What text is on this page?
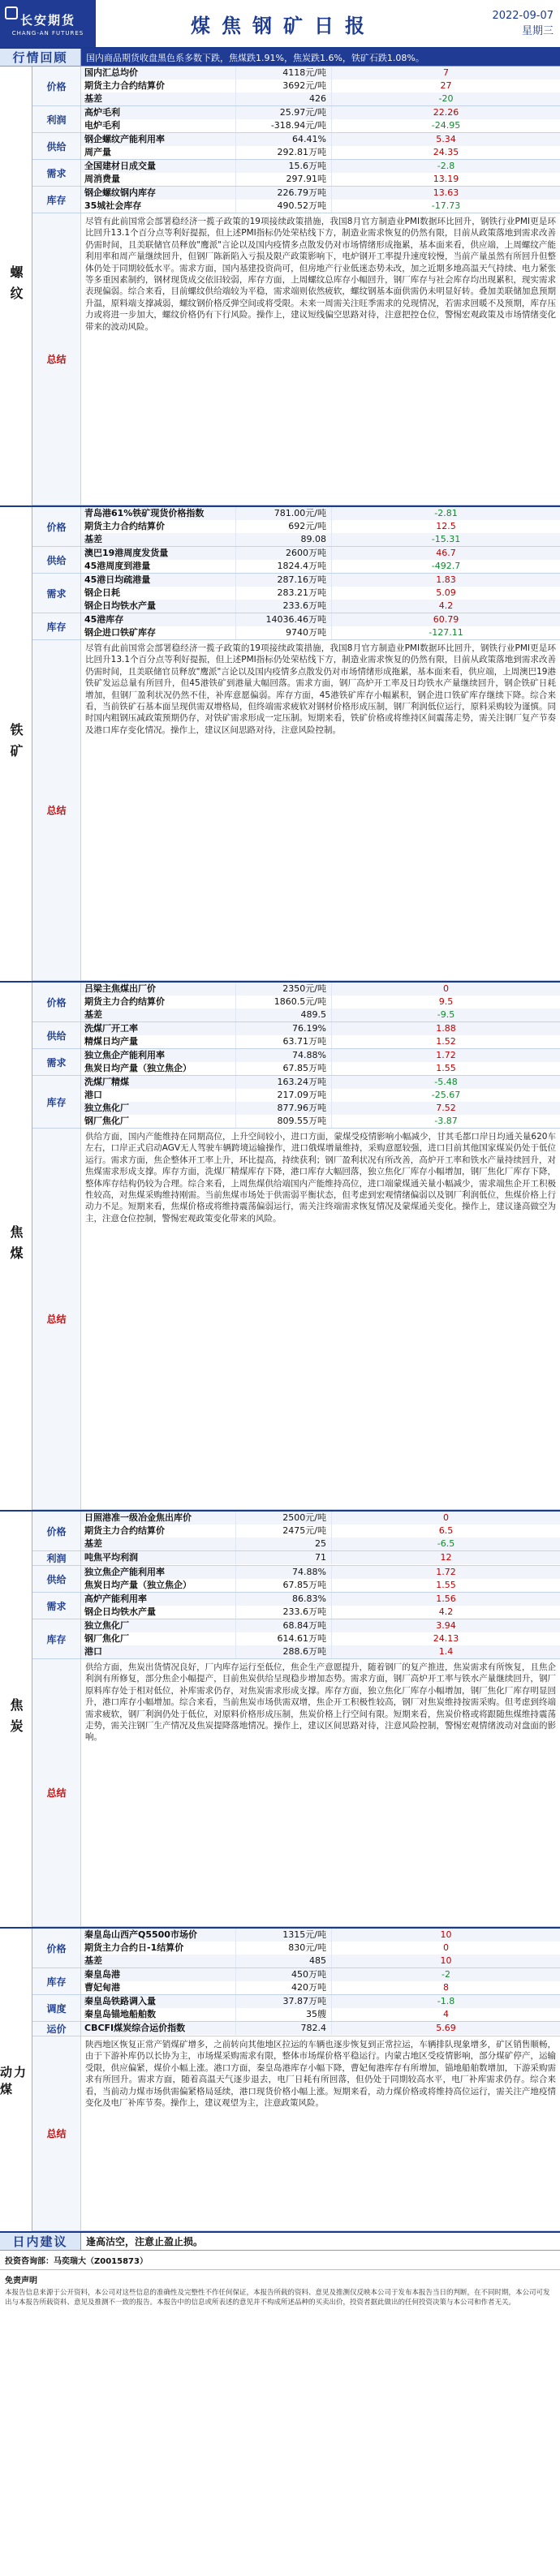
长安期货
CHANG-AN FUTURES	煤焦钢矿日报	2022-09-07
星期三
行情回顾	国内商品期货收盘黑色系多数下跌，焦煤跌1.91%，焦炭跌1.6%，铁矿石跌1.08%。
螺纹
价格
国内汇总均价	4118元/吨	7
期货主力合约结算价	3692元/吨	27
基差	426	-20
利润
高炉毛利	25.97元/吨	22.26
电炉毛利	-318.94元/吨	-24.95
供给
钢企螺纹产能利用率	64.41%	5.34
周产量	292.81万吨	24.35
需求
全国建材日成交量	15.6万吨	-2.8
周消费量	297.91吨	13.19
库存
钢企螺纹钢内库存	226.79万吨	13.63
35城社会库存	490.52万吨	-17.73
总结
尽管有此前国常会部署稳经济一揽子政策的19项接续政策措施，我国8月官方制造业PMI数据环比回升，钢铁行业PMI更是环比回升13.1个百分点等利好提振，但上述PMI指标仍处荣枯线下方，制造业需求恢复的仍然有限，目前从政策落地到需求改善仍需时间，且美联储官员释放"鹰派"言论以及国内疫情多点散发仍对市场情绪形成拖累，基本面来看，供应端，上周螺纹产能利用率和周产量继续回升，但钢厂陈新陷入亏损及限产政策影响下，电炉钢开工率提升速度较慢，当前产量虽然有所回升但整体仍处于同期较低水平。需求方面，国内基建投资尚可，但房地产行业低迷态势未改，加之近期多地高温天气持续、电力紧张等多重因素制约，钢材现货成交依旧较弱，库存方面，上周螺纹总库存小幅回升，钢厂库存与社会库存均出现累积，现实需求表现偏弱。综合来看，目前螺纹供给端较为平稳，需求端则依然疲软，螺纹钢基本面供需仍未明显好转。叠加美联储加息预期升温，原料端支撑减弱，螺纹钢价格反弹空间或将受限。未来一周需关注旺季需求的兑现情况，若需求回暖不及预期，库存压力或将进一步加大，螺纹价格仍有下行风险。操作上，建议短线偏空思路对待，注意把控仓位，警惕宏观政策及市场情绪变化带来的波动风险。
铁矿
价格
青岛港61%铁矿现货价格指数	781.00元/吨	-2.81
期货主力合约结算价	692元/吨	12.5
基差	89.08	-15.31
供给
澳巴19港周度发货量	2600万吨	46.7
45港周度到港量	1824.4万吨	-492.7
需求
45港日均疏港量	287.16万吨	1.83
钢企日耗	283.21万吨	5.09
钢企日均铁水产量	233.6万吨	4.2
库存
45港库存	14036.46万吨	60.79
钢企进口铁矿库存	9740万吨	-127.11
总结
尽管有此前国常会部署稳经济一揽子政策的19项接续政策措施，我国8月官方制造业PMI数据环比回升，钢铁行业PMI更是环比回升13.1个百分点等利好提振，但上述PMI指标仍处荣枯线下方，制造业需求恢复的仍然有限，目前从政策落地到需求改善仍需时间，且美联储官员释放"鹰派"言论以及国内疫情多点散发仍对市场情绪形成拖累，基本面来看，供应端，上周澳巴19港铁矿发运总量有所回升，但45港铁矿到港量大幅回落。需求方面，钢厂高炉开工率及日均铁水产量继续回升，钢企铁矿日耗增加，但钢厂盈利状况仍然不佳，补库意愿偏弱。库存方面，45港铁矿库存小幅累积，钢企进口铁矿库存继续下降。综合来看，当前铁矿石基本面呈现供需双增格局，但终端需求疲软对钢材价格形成压制，钢厂利润低位运行，原料采购较为谨慎。同时国内粗钢压减政策预期仍存，对铁矿需求形成一定压制。短期来看，铁矿价格或将维持区间震荡走势，需关注钢厂复产节奏及港口库存变化情况。操作上，建议区间思路对待，注意风险控制。
焦煤
价格
吕梁主焦煤出厂价	2350元/吨	0
期货主力合约结算价	1860.5元/吨	9.5
基差	489.5	-9.5
供给
洗煤厂开工率	76.19%	1.88
精煤日均产量	63.71万吨	1.52
需求
独立焦企产能利用率	74.88%	1.72
焦炭日均产量（独立焦企）	67.85万吨	1.55
库存
洗煤厂精煤	163.24万吨	-5.48
港口	217.09万吨	-25.67
独立焦化厂	877.96万吨	7.52
钢厂焦化厂	809.55万吨	-3.87
总结
供给方面，国内产能维持在同期高位，上升空间较小，进口方面，蒙煤受疫情影响小幅减少，甘其毛都口岸日均通关量620车左右，口岸正式启动AGV无人驾驶车辆跨境运输操作，进口俄煤增量维持，采购意愿较强，进口目前其他国家煤炭仍处于低位运行。需求方面，焦企整体开工率上升，环比提高，持续获利；钢厂盈利状况有所改善，高炉开工率和铁水产量持续回升，对焦煤需求形成支撑。库存方面，洗煤厂精煤库存下降，港口库存大幅回落，独立焦化厂库存小幅增加，钢厂焦化厂库存下降，整体库存结构仍较为合理。综合来看，上周焦煤供给端国内产能维持高位，进口端蒙煤通关量小幅减少，需求端焦企开工积极性较高，对焦煤采购维持刚需。当前焦煤市场处于供需弱平衡状态，但考虑到宏观情绪偏弱以及钢厂利润低位，焦煤价格上行动力不足。短期来看，焦煤价格或将维持震荡偏弱运行，需关注终端需求恢复情况及蒙煤通关变化。操作上，建议逢高做空为主，注意仓位控制，警惕宏观政策变化带来的风险。
焦炭
价格
日照港准一级冶金焦出库价	2500元/吨	0
期货主力合约结算价	2475元/吨	6.5
基差	25	-6.5
利润	吨焦平均利润	71	12
供给
独立焦企产能利用率	74.88%	1.72
焦炭日均产量（独立焦企）	67.85万吨	1.55
需求
高炉产能利用率	86.83%	1.56
钢企日均铁水产量	233.6万吨	4.2
库存
独立焦化厂	68.84万吨	3.94
钢厂焦化厂	614.61万吨	24.13
港口	288.6万吨	1.4
总结
供给方面，焦炭出货情况良好，厂内库存运行至低位，焦企生产意愿提升，随着钢厂的复产推进，焦炭需求有所恢复，且焦企利润有所修复，部分焦企小幅提产，目前焦炭供给呈现稳步增加态势。需求方面，钢厂高炉开工率与铁水产量继续回升，钢厂原料库存处于相对低位，补库需求仍存，对焦炭需求形成支撑。库存方面，独立焦化厂库存小幅增加，钢厂焦化厂库存明显回升，港口库存小幅增加。综合来看，当前焦炭市场供需双增，焦企开工积极性较高，钢厂对焦炭维持按需采购。但考虑到终端需求疲软，钢厂利润仍处于低位，对原料价格形成压制，焦炭价格上行空间有限。短期来看，焦炭价格或将跟随焦煤维持震荡走势，需关注钢厂生产情况及焦炭提降落地情况。操作上，建议区间思路对待，注意风险控制，警惕宏观情绪波动对盘面的影响。
动力煤
价格
秦皇岛山西产Q5500市场价	1315元/吨	10
期货主力合约日-1结算价	830元/吨	0
基差	485	10
库存
秦皇岛港	450万吨	-2
曹妃甸港	420万吨	8
调度
秦皇岛铁路调入量	37.87万吨	-1.8
秦皇岛锚地船舶数	35艘	4
运价	CBCFI煤炭综合运价指数	782.4	5.69
总结
陕西地区恢复正常产销煤矿增多，之前转向其他地区拉运的车辆也逐步恢复到正常拉运，车辆排队现象增多，矿区销售顺畅，由于下游补库仍以长协为主，市场煤采购需求有限，整体市场煤价格平稳运行。内蒙古地区受疫情影响，部分煤矿停产，运输受限，供应偏紧，煤价小幅上涨。港口方面，秦皇岛港库存小幅下降，曹妃甸港库存有所增加，锚地船舶数增加，下游采购需求有所回升。需求方面，随着高温天气逐步退去，电厂日耗有所回落，但仍处于同期较高水平，电厂补库需求仍存。综合来看，当前动力煤市场供需偏紧格局延续，港口现货价格小幅上涨。短期来看，动力煤价格或将维持高位运行，需关注产地疫情变化及电厂补库节奏。操作上，建议观望为主，注意政策风险。
日内建议	逢高沽空，注意止盈止损。
投资咨询部：马奕瑞大（Z0015873）
免责声明

本报告信息来源于公开资料，本公司对这些信息的准确性及完整性不作任何保证，本报告所载的资料、意见及推测仅反映本公司于发布本报告当日的判断，在不同时期，本公司可发出与本报告所载资料、意见及推测不一致的报告。本报告中的信息或所表述的意见并不构成所述品种的买卖出价，投资者据此做出的任何投资决策与本公司和作者无关。
